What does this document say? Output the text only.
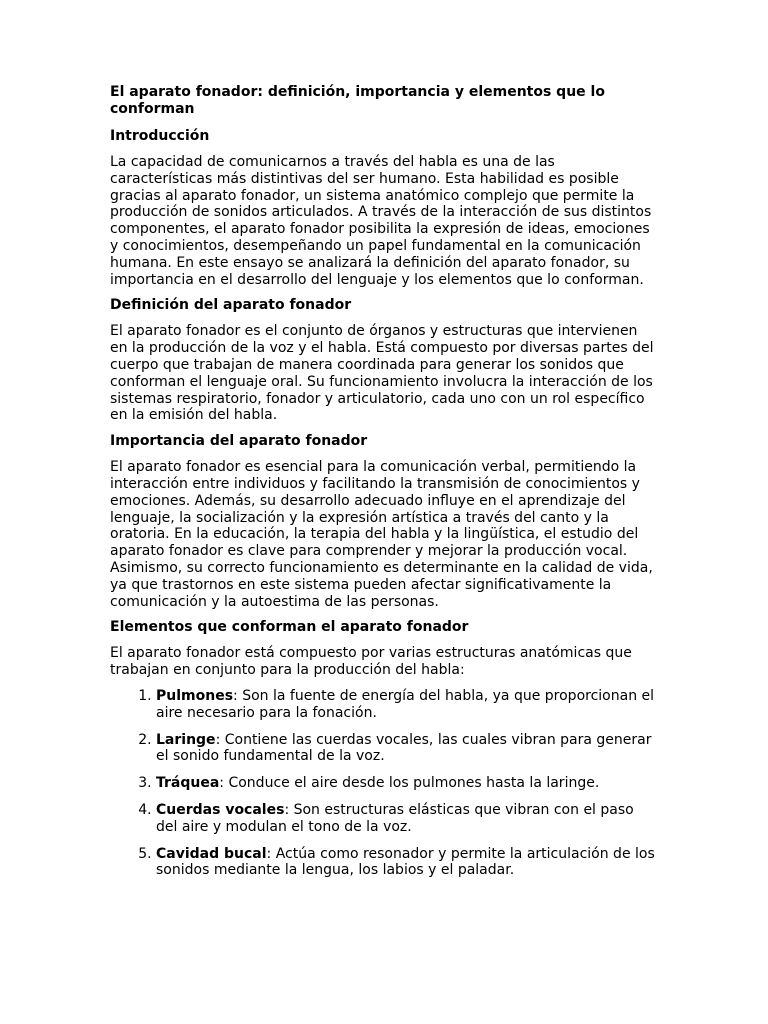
El aparato fonador: definición, importancia y elementos que lo conforman
Introducción

La capacidad de comunicarnos a través del habla es una de las características más distintivas del ser humano. Esta habilidad es posible gracias al aparato fonador, un sistema anatómico complejo que permite la producción de sonidos articulados. A través de la interacción de sus distintos componentes, el aparato fonador posibilita la expresión de ideas, emociones y conocimientos, desempeñando un papel fundamental en la comunicación humana. En este ensayo se analizará la definición del aparato fonador, su importancia en el desarrollo del lenguaje y los elementos que lo conforman.

Definición del aparato fonador

El aparato fonador es el conjunto de órganos y estructuras que intervienen en la producción de la voz y el habla. Está compuesto por diversas partes del cuerpo que trabajan de manera coordinada para generar los sonidos que conforman el lenguaje oral. Su funcionamiento involucra la interacción de los sistemas respiratorio, fonador y articulatorio, cada uno con un rol específico en la emisión del habla.

Importancia del aparato fonador

El aparato fonador es esencial para la comunicación verbal, permitiendo la interacción entre individuos y facilitando la transmisión de conocimientos y emociones. Además, su desarrollo adecuado influye en el aprendizaje del lenguaje, la socialización y la expresión artística a través del canto y la oratoria. En la educación, la terapia del habla y la lingüística, el estudio del aparato fonador es clave para comprender y mejorar la producción vocal. Asimismo, su correcto funcionamiento es determinante en la calidad de vida, ya que trastornos en este sistema pueden afectar significativamente la comunicación y la autoestima de las personas.

Elementos que conforman el aparato fonador

El aparato fonador está compuesto por varias estructuras anatómicas que trabajan en conjunto para la producción del habla:

1. Pulmones: Son la fuente de energía del habla, ya que proporcionan el aire necesario para la fonación.
2. Laringe: Contiene las cuerdas vocales, las cuales vibran para generar el sonido fundamental de la voz.
3. Tráquea: Conduce el aire desde los pulmones hasta la laringe.
4. Cuerdas vocales: Son estructuras elásticas que vibran con el paso del aire y modulan el tono de la voz.
5. Cavidad bucal: Actúa como resonador y permite la articulación de los sonidos mediante la lengua, los labios y el paladar.
